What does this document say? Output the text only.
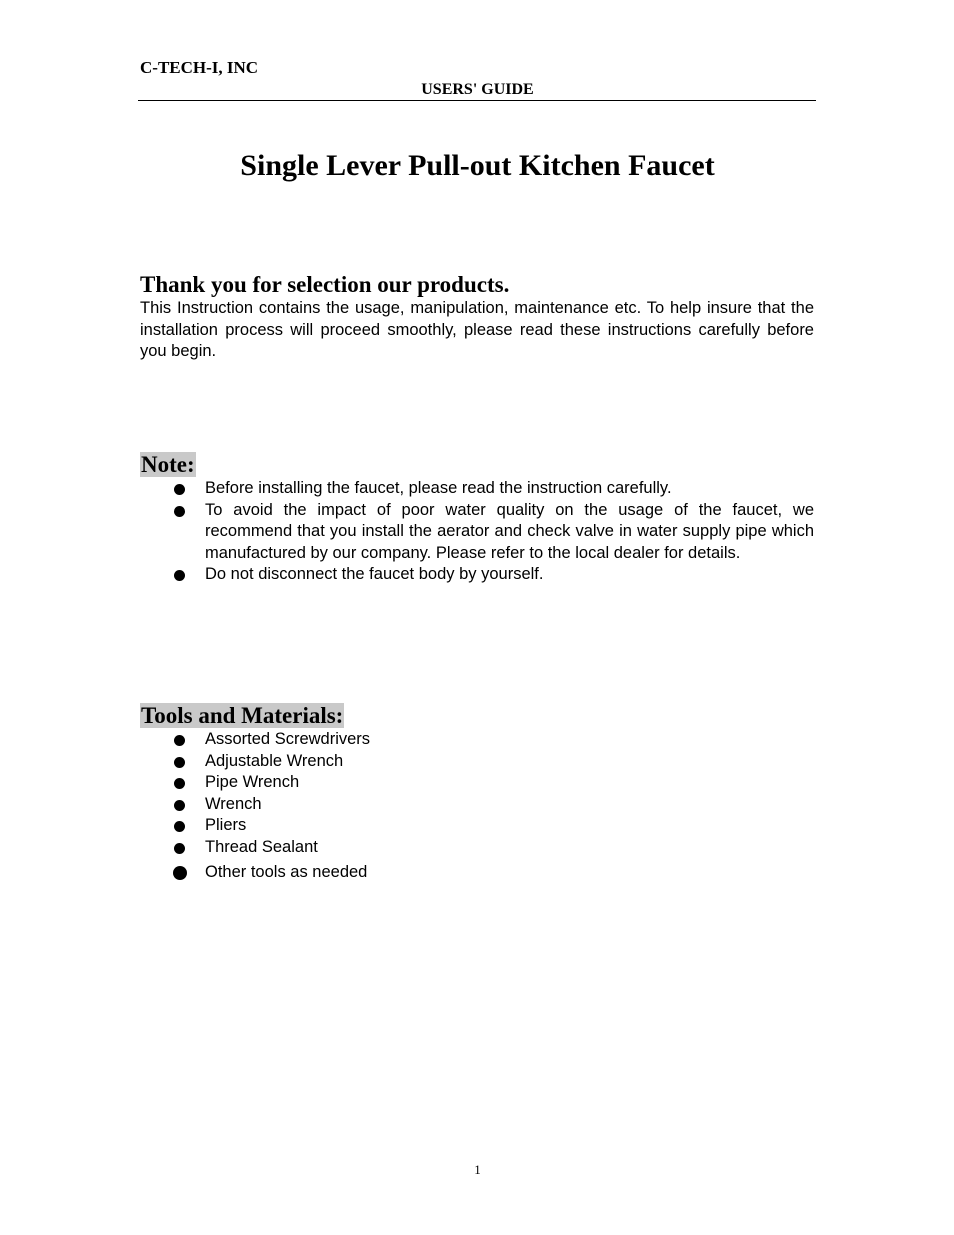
C-TECH-I, INC

USERS' GUIDE

Single Lever Pull-out Kitchen Faucet
Thank you for selection our products.

This Instruction contains the usage, manipulation, maintenance etc. To help insure that the installation process will proceed smoothly, please read these instructions carefully before you begin.

Note:
Before installing the faucet, please read the instruction carefully.
To avoid the impact of poor water quality on the usage of the faucet, we recommend that you install the aerator and check valve in water supply pipe which manufactured by our company. Please refer to the local dealer for details.
Do not disconnect the faucet body by yourself.
Tools and Materials:
Assorted Screwdrivers
Adjustable Wrench
Pipe Wrench
Wrench
Pliers
Thread Sealant
Other tools as needed

1
